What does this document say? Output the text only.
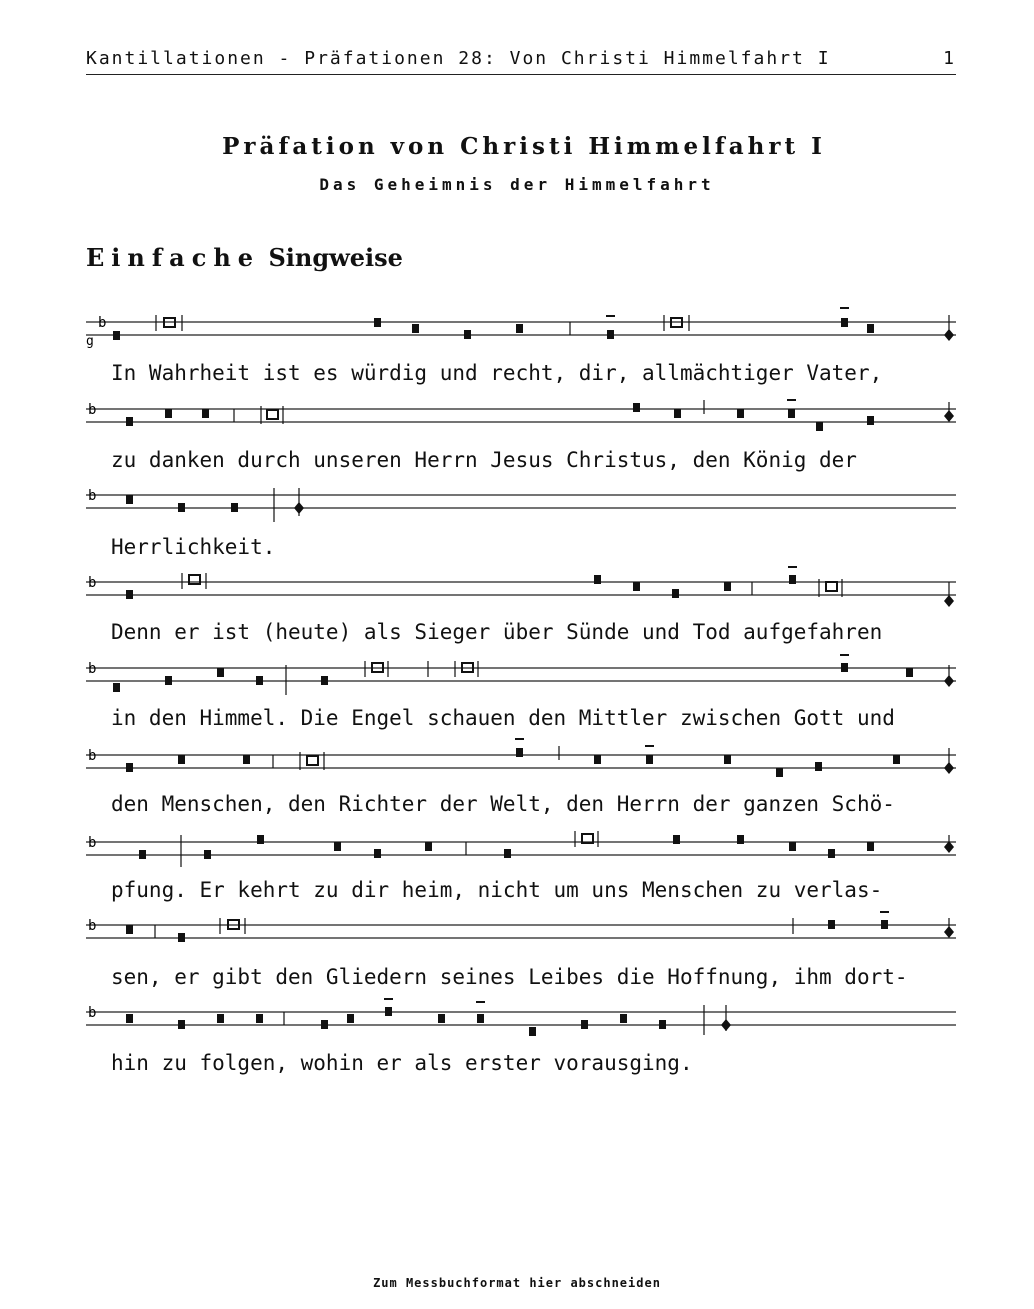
Kantillationen - Präfationen 28: Von Christi Himmelfahrt I	1
Präfation von Christi Himmelfahrt I
Das Geheimnis der Himmelfahrt
Einfache Singweise
b
g
In Wahrheit ist es würdig und recht, dir, allmächtiger Vater,
b
zu danken durch unseren Herrn Jesus Christus, den König der
b
Herrlichkeit.
b
Denn er ist (heute) als Sieger über Sünde und Tod aufgefahren
b
in den Himmel. Die Engel schauen den Mittler zwischen Gott und
b
den Menschen, den Richter der Welt, den Herrn der ganzen Schö-
b
pfung. Er kehrt zu dir heim, nicht um uns Menschen zu verlas-
b
sen, er gibt den Gliedern seines Leibes die Hoffnung, ihm dort-
b
hin zu folgen, wohin er als erster vorausging.
Zum Messbuchformat hier abschneiden
